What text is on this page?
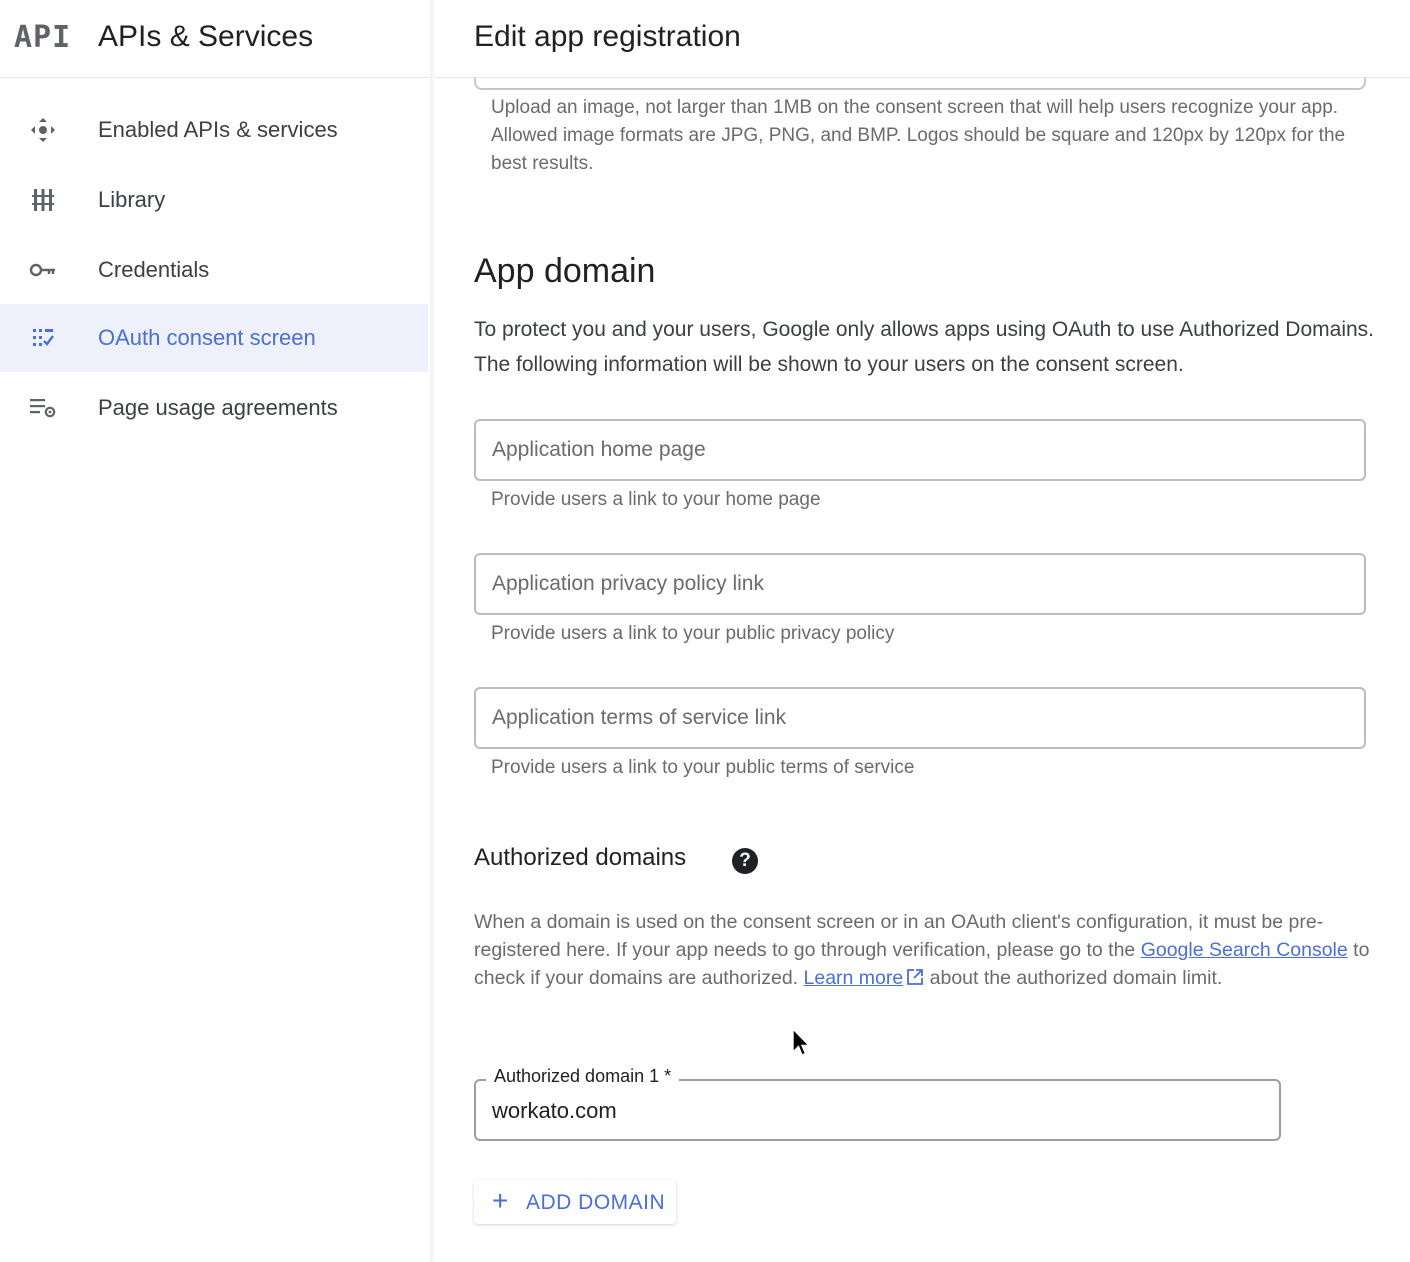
API APIs & Services
Enabled APIs & services
Library
Credentials
OAuth consent screen
Page usage agreements
Edit app registration
Upload an image, not larger than 1MB on the consent screen that will help users recognize your app. Allowed image formats are JPG, PNG, and BMP. Logos should be square and 120px by 120px for the best results.
App domain
To protect you and your users, Google only allows apps using OAuth to use Authorized Domains. The following information will be shown to your users on the consent screen.
Application home page
Provide users a link to your home page
Application privacy policy link
Provide users a link to your public privacy policy
Application terms of service link
Provide users a link to your public terms of service
Authorized domains	?
When a domain is used on the consent screen or in an OAuth client's configuration, it must be pre-registered here. If your app needs to go through verification, please go to the Google Search Console to check if your domains are authorized. Learn more about the authorized domain limit.
Authorized domain 1 *
workato.com
+ ADD DOMAIN
